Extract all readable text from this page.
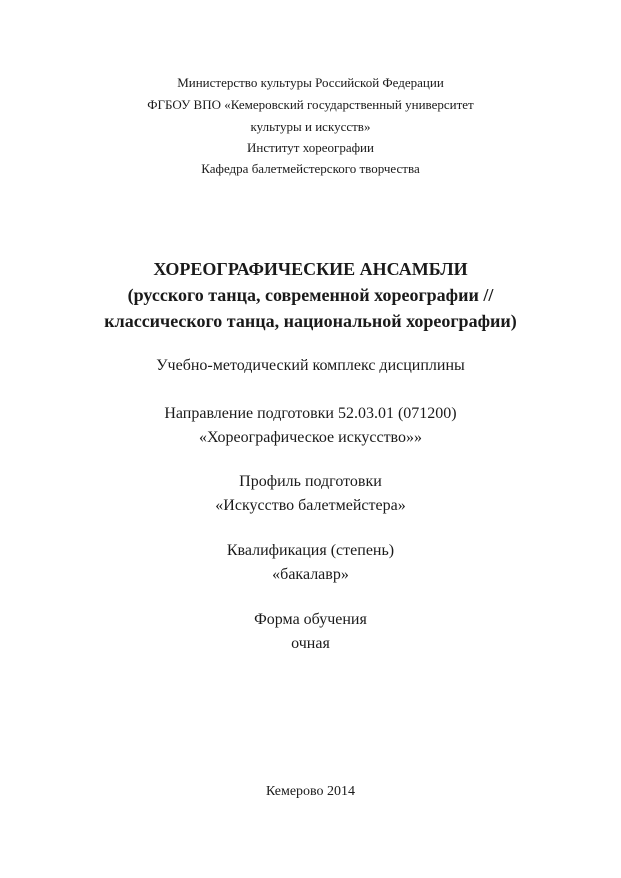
Министерство культуры Российской Федерации
ФГБОУ ВПО «Кемеровский государственный университет
культуры и искусств»
Институт хореографии
Кафедра балетмейстерского творчества
ХОРЕОГРАФИЧЕСКИЕ АНСАМБЛИ
(русского танца, современной хореографии //
классического танца, национальной хореографии)
Учебно-методический комплекс дисциплины
Направление подготовки 52.03.01 (071200)
«Хореографическое искусство»»
Профиль подготовки
«Искусство балетмейстера»
Квалификация (степень)
«бакалавр»
Форма обучения
очная
Кемерово 2014
